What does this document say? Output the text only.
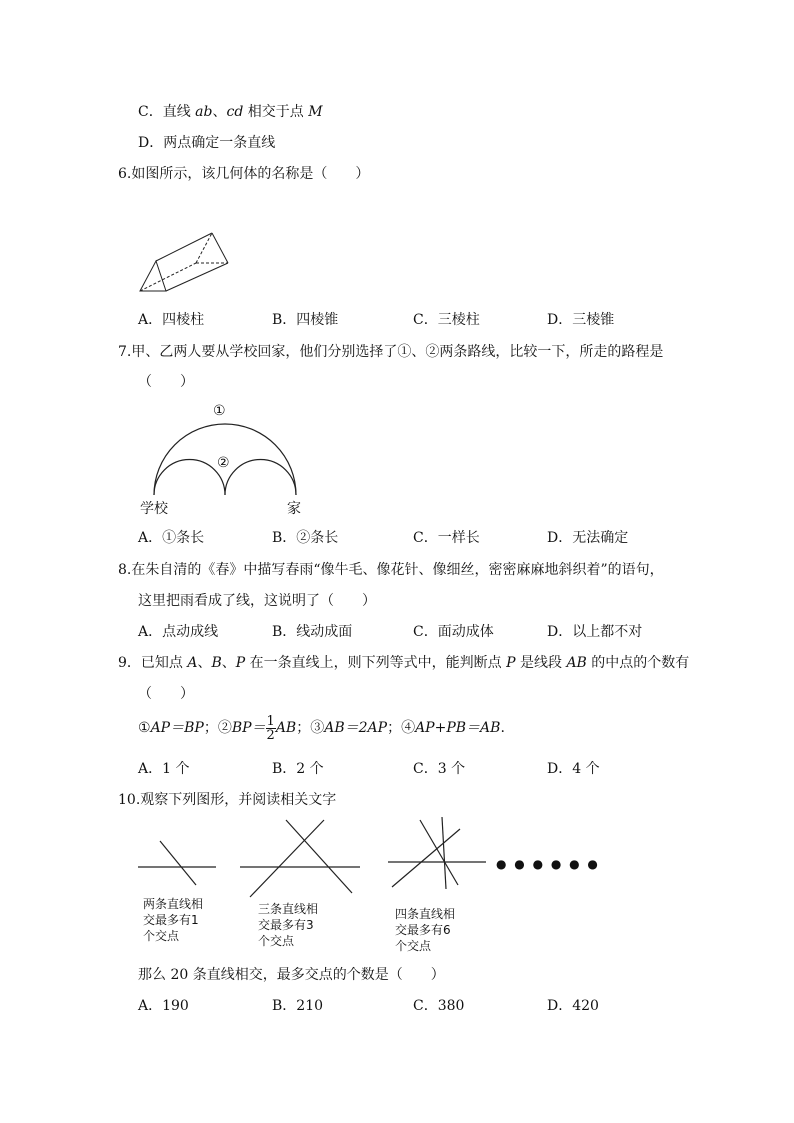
C．直线 ab、cd 相交于点 M
D．两点确定一条直线
6.如图所示，该几何体的名称是（　　）
A．四棱柱	B．四棱锥	C．三棱柱	D．三棱锥
7.甲、乙两人要从学校回家，他们分别选择了①、②两条路线，比较一下，所走的路程是
（　　）
①
②
学校	家
A．①条长	B．②条长	C．一样长	D．无法确定
8.在朱自清的《春》中描写春雨“像牛毛、像花针、像细丝，密密麻麻地斜织着”的语句，
这里把雨看成了线，这说明了（　　）
A．点动成线	B．线动成面	C．面动成体	D．以上都不对
9．已知点 A、B、P 在一条直线上，则下列等式中，能判断点 P 是线段 AB 的中点的个数有
（　　）
①AP＝BP；②BP＝ $\frac{1}{2}$ AB；③AB＝2AP；④AP+PB＝AB.
A．1 个	B．2 个	C．3 个	D．4 个
10.观察下列图形，并阅读相关文字
● ● ● ● ● ●
两条直线相
交最多有1
个交点
三条直线相
交最多有3
个交点
四条直线相
交最多有6
个交点
那么 20 条直线相交，最多交点的个数是（　　）
A．190	B．210	C．380	D．420
